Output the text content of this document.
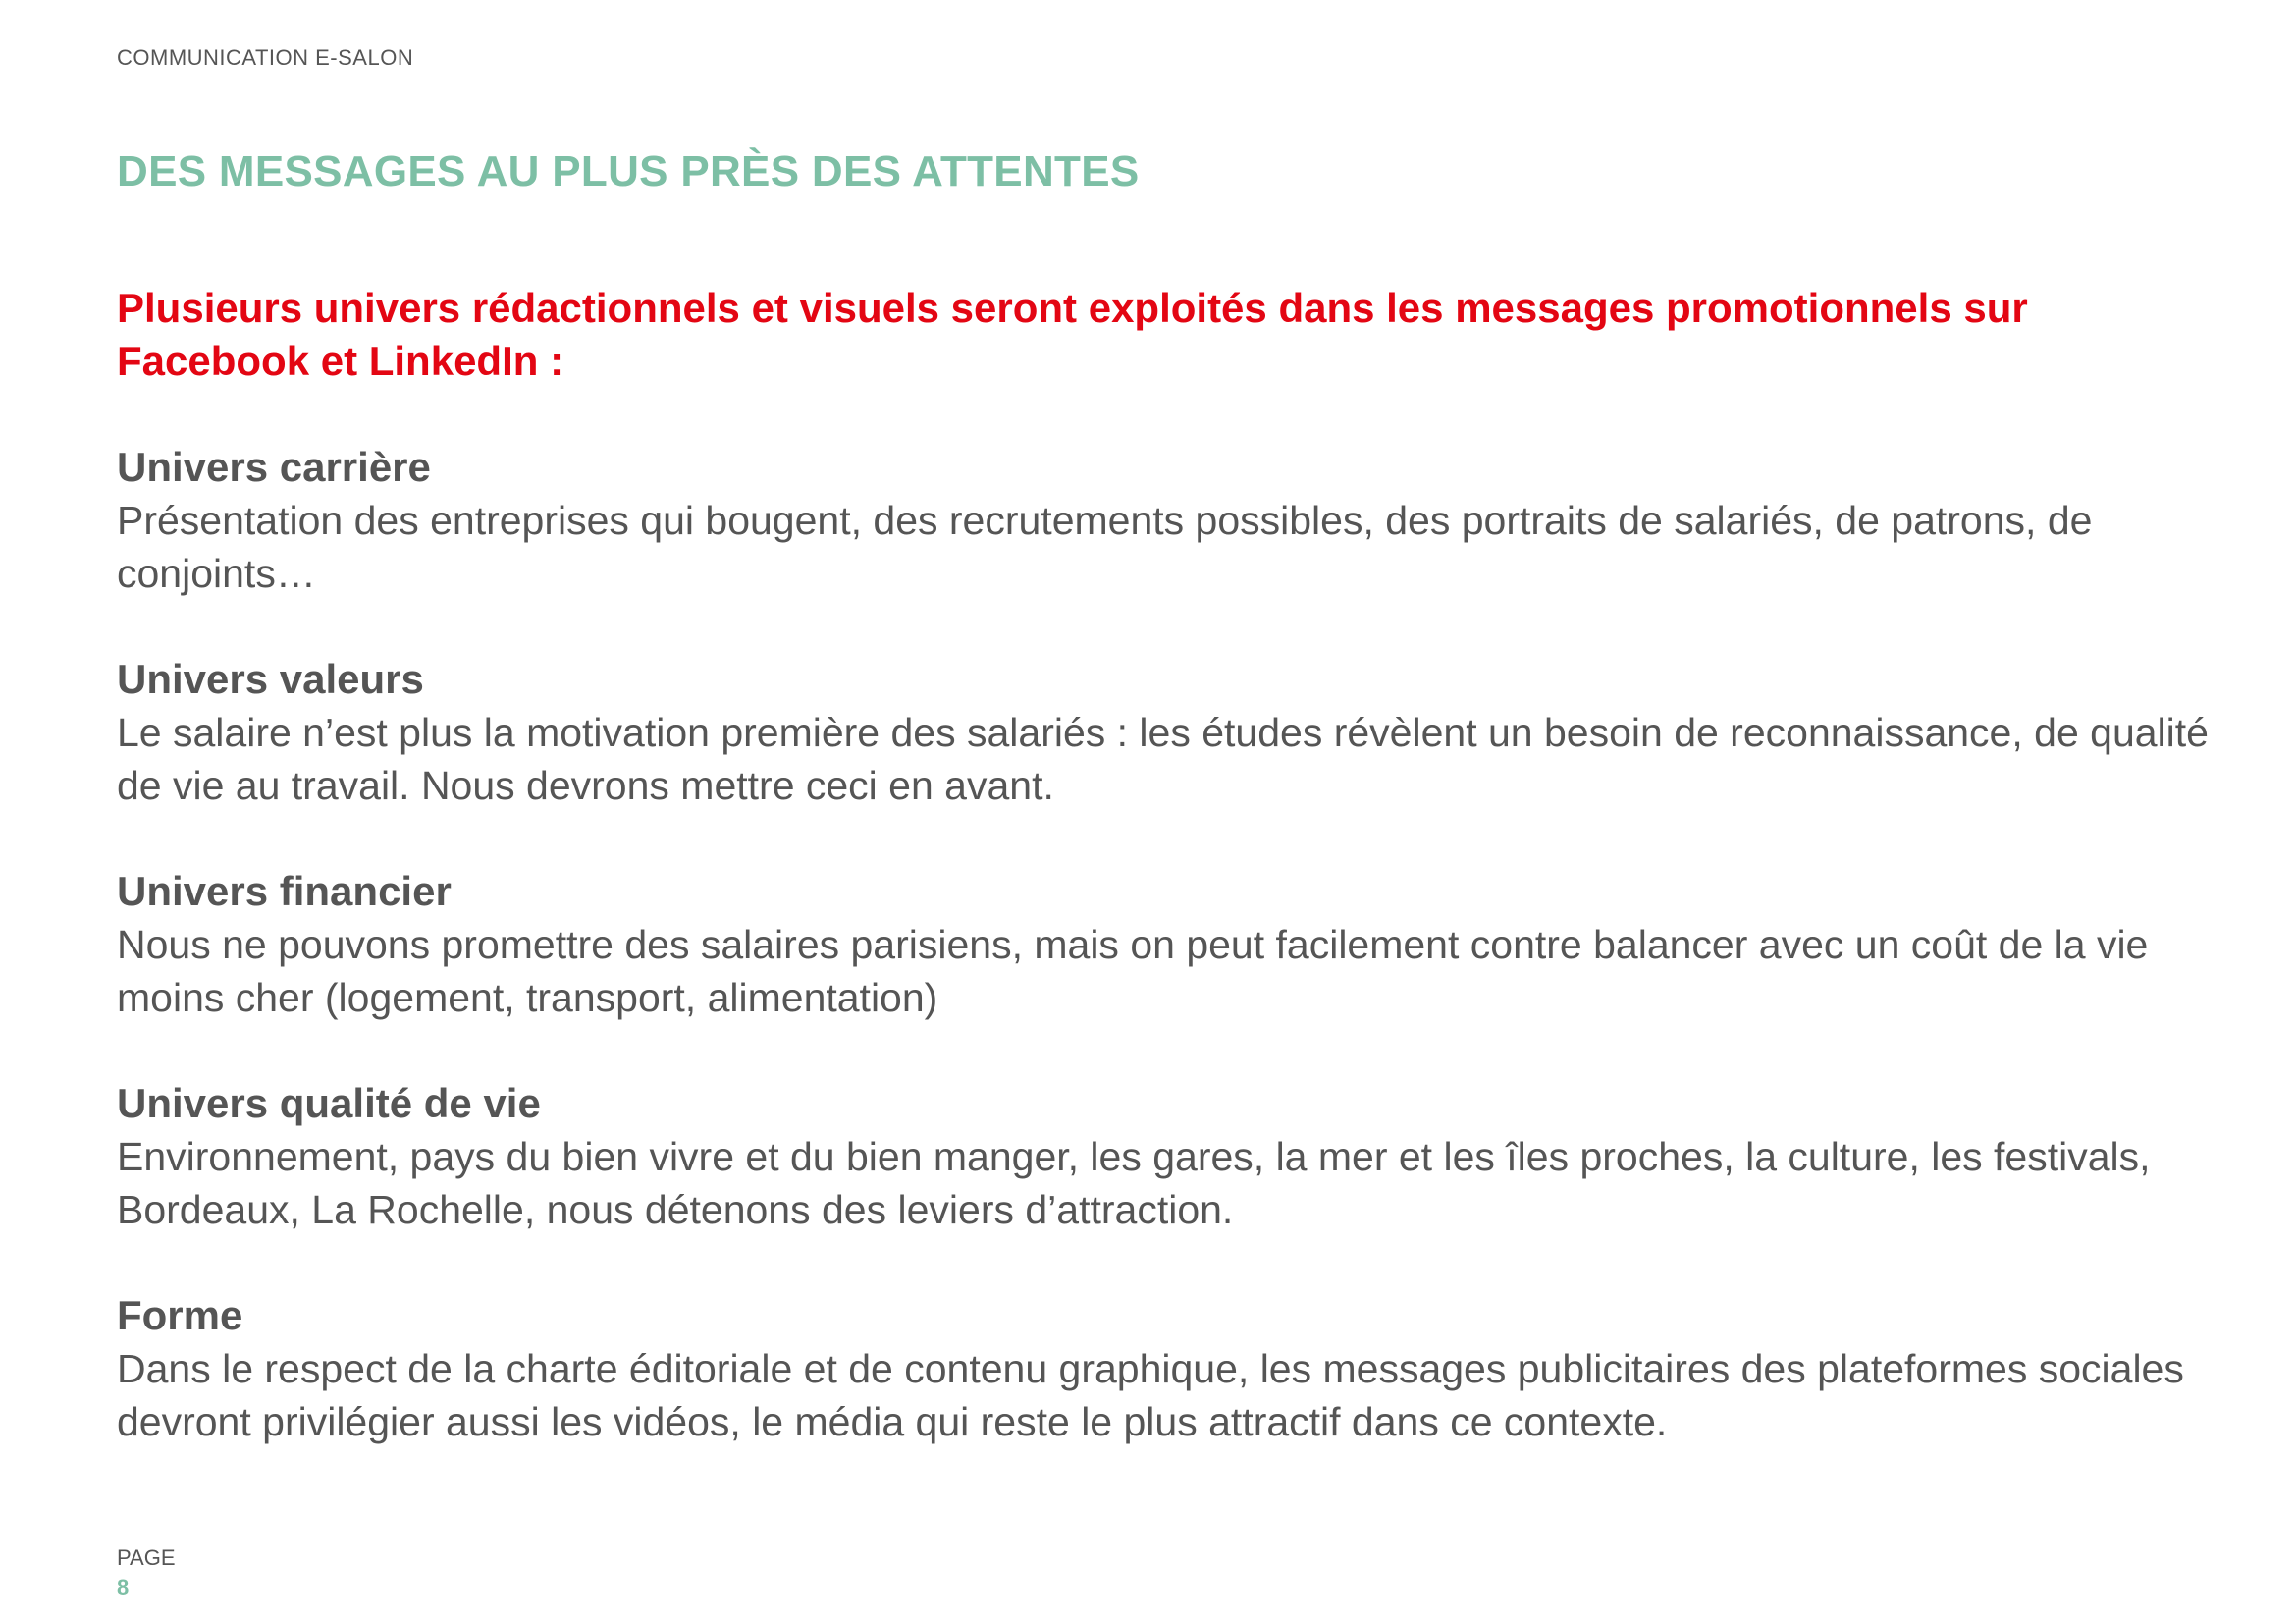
COMMUNICATION E-SALON
DES MESSAGES AU PLUS PRÈS DES ATTENTES

Plusieurs univers rédactionnels et visuels seront exploités dans les messages promotionnels sur Facebook et LinkedIn :

Univers carrière

Présentation des entreprises qui bougent, des recrutements possibles, des portraits de salariés, de patrons, de conjoints…

Univers valeurs

Le salaire n’est plus la motivation première des salariés : les études révèlent un besoin de reconnaissance, de qualité de vie au travail. Nous devrons mettre ceci en avant.

Univers financier

Nous ne pouvons promettre des salaires parisiens, mais on peut facilement contre balancer avec un coût de la vie moins cher (logement, transport, alimentation)

Univers qualité de vie

Environnement, pays du bien vivre et du bien manger, les gares, la mer et les îles proches, la culture, les festivals, Bordeaux, La Rochelle, nous détenons des leviers d’attraction.

Forme

Dans le respect de la charte éditoriale et de contenu graphique, les messages publicitaires des plateformes sociales devront privilégier aussi les vidéos, le média qui reste le plus attractif dans ce contexte.

PAGE
8
